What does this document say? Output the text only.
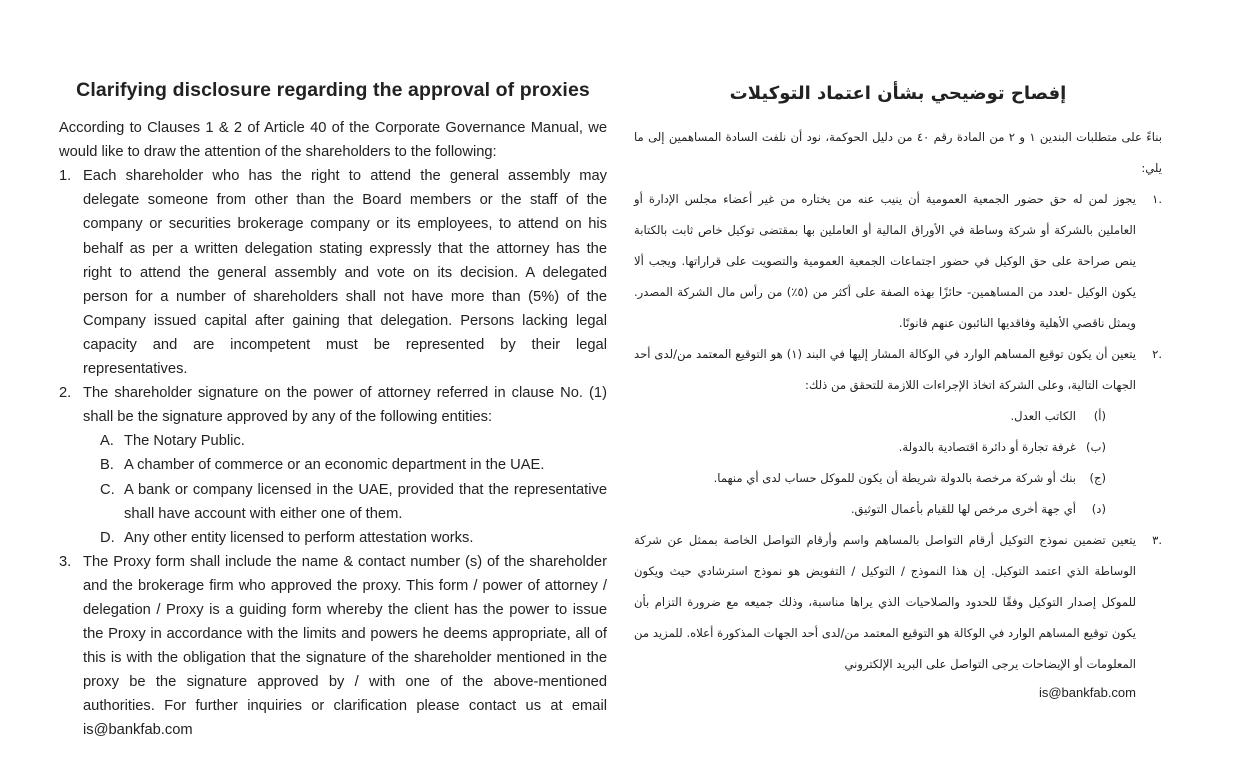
Clarifying disclosure regarding the approval of proxies

According to Clauses 1 & 2 of Article 40 of the Corporate Governance Manual, we would like to draw the attention of the shareholders to the following:

1. Each shareholder who has the right to attend the general assembly may delegate someone from other than the Board members or the staff of the company or securities brokerage company or its employees, to attend on his behalf as per a written delegation stating expressly that the attorney has the right to attend the general assembly and vote on its decision. A delegated person for a number of shareholders shall not have more than (5%) of the Company issued capital after gaining that delegation. Persons lacking legal capacity and are incompetent must be represented by their legal representatives.
2. The shareholder signature on the power of attorney referred in clause No. (1) shall be the signature approved by any of the following entities:
A. The Notary Public.
B. A chamber of commerce or an economic department in the UAE.
C. A bank or company licensed in the UAE, provided that the representative shall have account with either one of them.
D. Any other entity licensed to perform attestation works.
3. The Proxy form shall include the name & contact number (s) of the shareholder and the brokerage firm who approved the proxy. This form / power of attorney / delegation / Proxy is a guiding form whereby the client has the power to issue the Proxy in accordance with the limits and powers he deems appropriate, all of this is with the obligation that the signature of the shareholder mentioned in the proxy be the signature approved by / with one of the above-mentioned authorities. For further inquiries or clarification please contact us at email is@bankfab.com
إفصاح توضيحي بشأن اعتماد التوكيلات

بناءً على متطلبات البندين ١ و ٢ من المادة رقم ٤٠ من دليل الحوكمة، نود أن نلفت السادة المساهمين إلى ما يلي:

.١
يجوز لمن له حق حضور الجمعية العمومية أن ينيب عنه من يختاره من غير أعضاء مجلس الإدارة أو العاملين بالشركة أو شركة وساطة في الأوراق المالية أو العاملين بها بمقتضى توكيل خاص ثابت بالكتابة ينص صراحة على حق الوكيل في حضور اجتماعات الجمعية العمومية والتصويت على قراراتها. ويجب ألا يكون الوكيل -لعدد من المساهمين- حائزًا بهذه الصفة على أكثر من (٥٪) من رأس مال الشركة المصدر. ويمثل ناقصي الأهلية وفاقديها النائبون عنهم قانونًا.
.٢
يتعين أن يكون توقيع المساهم الوارد في الوكالة المشار إليها في البند (١) هو التوقيع المعتمد من/لدى أحد الجهات التالية، وعلى الشركة اتخاذ الإجراءات اللازمة للتحقق من ذلك:
(أ)
الكاتب العدل.
(ب)
غرفة تجارة أو دائرة اقتصادية بالدولة.
(ج)
بنك أو شركة مرخصة بالدولة شريطة أن يكون للموكل حساب لدى أي منهما.
(د)
أي جهة أخرى مرخص لها للقيام بأعمال التوثيق.
.٣
يتعين تضمين نموذج التوكيل أرقام التواصل بالمساهم واسم وأرقام التواصل الخاصة بممثل عن شركة الوساطة الذي اعتمد التوكيل. إن هذا النموذج / التوكيل / التفويض هو نموذج استرشادي حيث ويكون للموكل إصدار التوكيل وفقًا للحدود والصلاحيات الذي يراها مناسبة، وذلك جميعه مع ضرورة التزام بأن يكون توقيع المساهم الوارد في الوكالة هو التوقيع المعتمد من/لدى أحد الجهات المذكورة أعلاه. للمزيد من المعلومات أو الإيضاحات يرجى التواصل على البريد الإلكتروني
is@bankfab.com
